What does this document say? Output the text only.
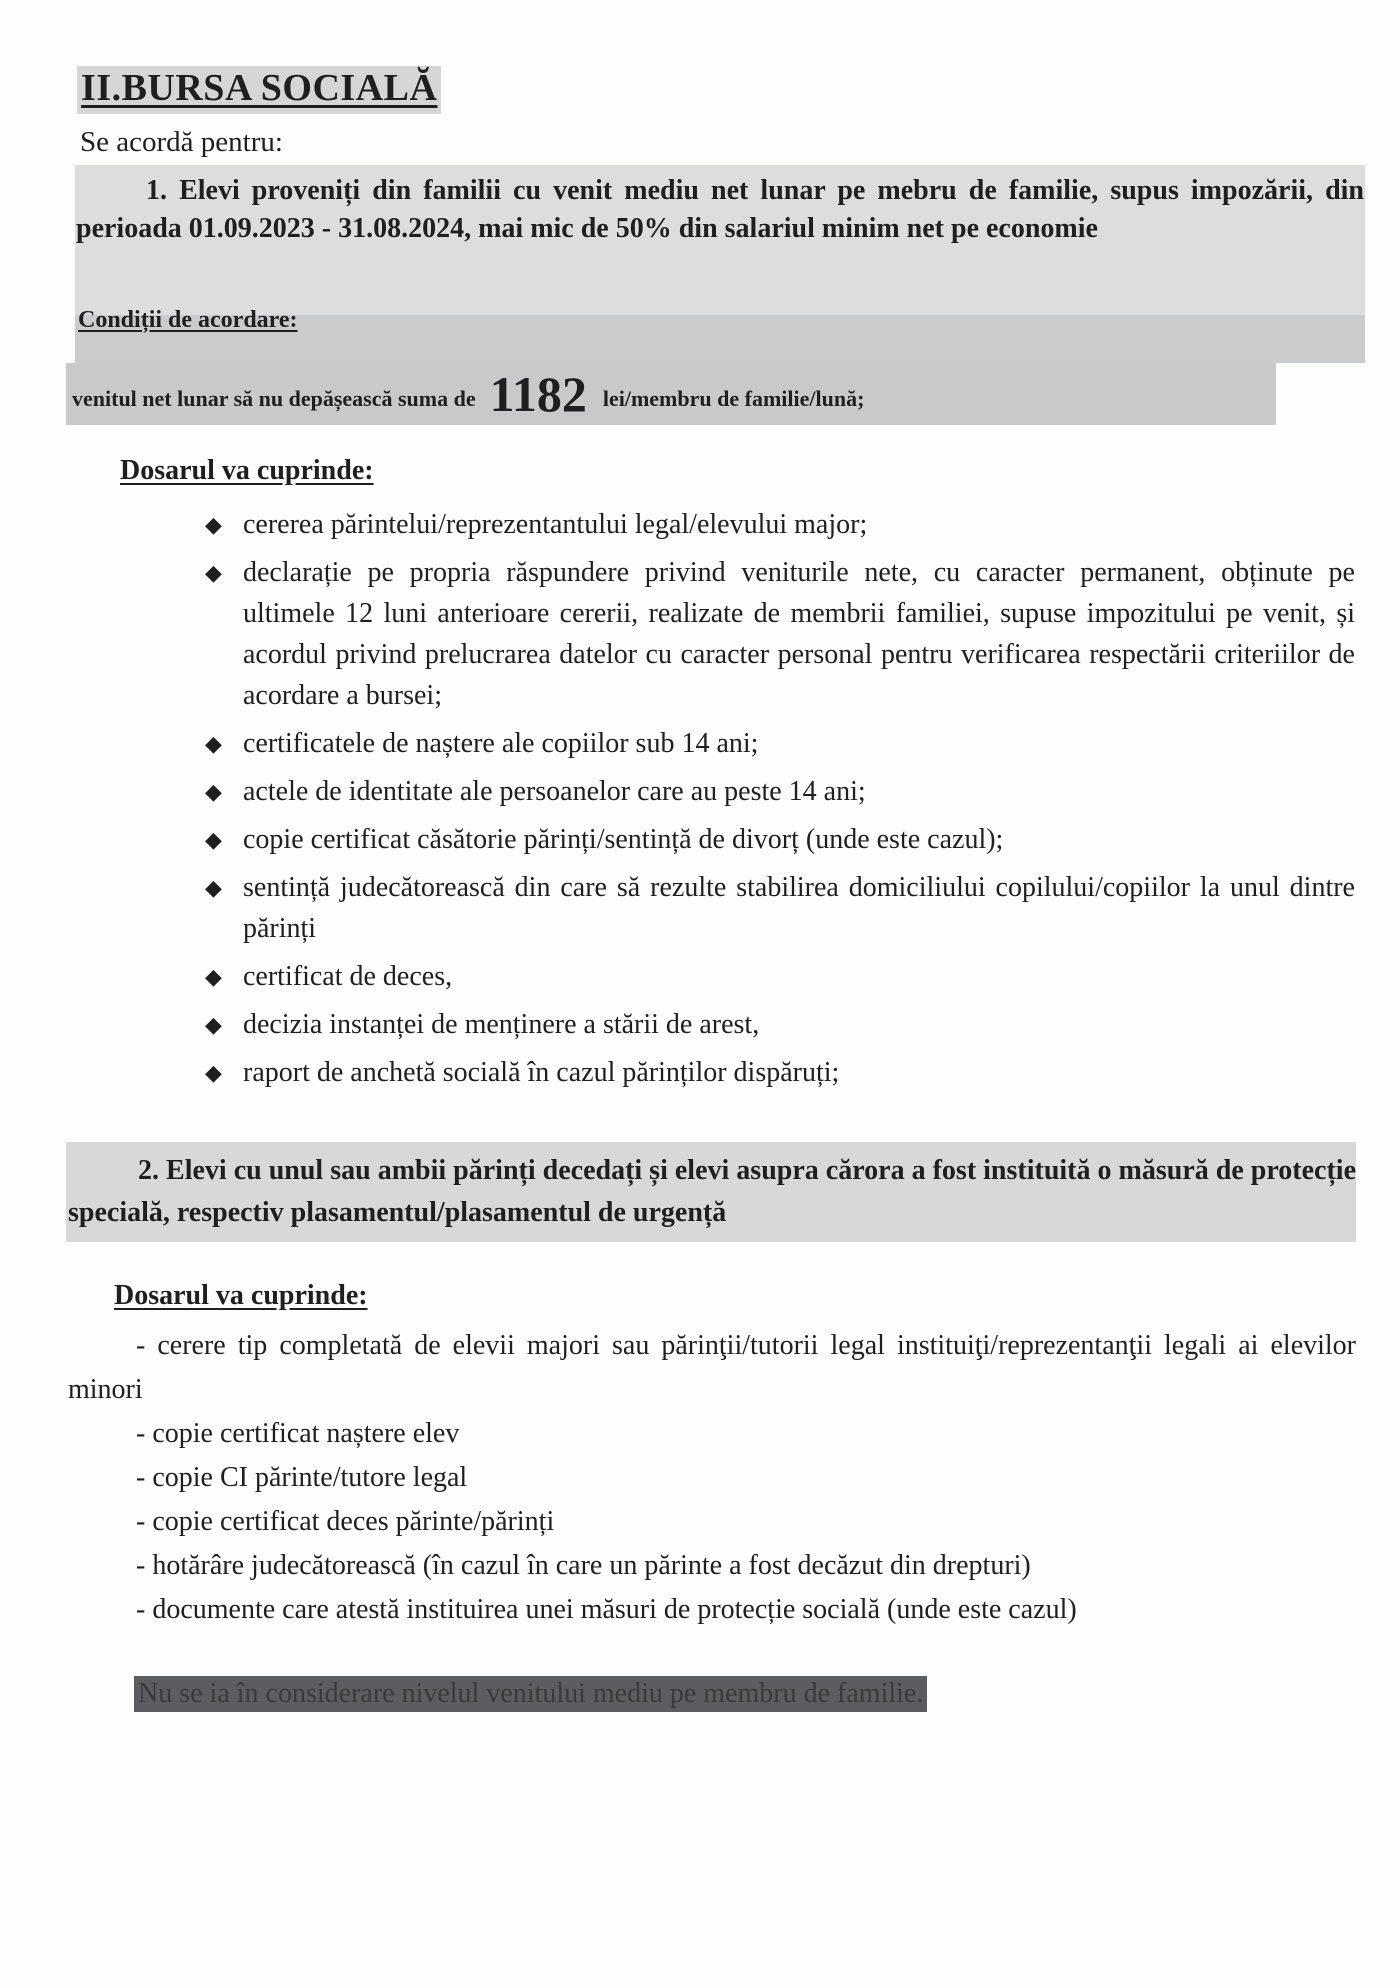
II.BURSA SOCIALĂ
Se acordă pentru:
1. Elevi proveniți din familii cu venit mediu net lunar pe mebru de familie, supus impozării, din perioada 01.09.2023 - 31.08.2024, mai mic de 50% din salariul minim net pe economie
Condiții de acordare:
venitul net lunar să nu depășească suma de 1182 lei/membru de familie/lună;
Dosarul va cuprinde:
◆ cererea părintelui/reprezentantului legal/elevului major;
◆ declarație pe propria răspundere privind veniturile nete, cu caracter permanent, obținute pe ultimele 12 luni anterioare cererii, realizate de membrii familiei, supuse impozitului pe venit, și acordul privind prelucrarea datelor cu caracter personal pentru verificarea respectării criteriilor de acordare a bursei;
◆ certificatele de naștere ale copiilor sub 14 ani;
◆ actele de identitate ale persoanelor care au peste 14 ani;
◆ copie certificat căsătorie părinți/sentință de divorț (unde este cazul);
◆ sentință judecătorească din care să rezulte stabilirea domiciliului copilului/copiilor la unul dintre părinți
◆ certificat de deces,
◆ decizia instanței de menținere a stării de arest,
◆ raport de anchetă socială în cazul părinților dispăruți;
2. Elevi cu unul sau ambii părinți decedați și elevi asupra cărora a fost instituită o măsură de protecție specială, respectiv plasamentul/plasamentul de urgență
Dosarul va cuprinde:
- cerere tip completată de elevii majori sau părinţii/tutorii legal instituiţi/reprezentanţii legali ai elevilor minori
- copie certificat naștere elev
- copie CI părinte/tutore legal
- copie certificat deces părinte/părinți
- hotărâre judecătorească (în cazul în care un părinte a fost decăzut din drepturi)
- documente care atestă instituirea unei măsuri de protecție socială (unde este cazul)
Nu se ia în considerare nivelul venitului mediu pe membru de familie.
